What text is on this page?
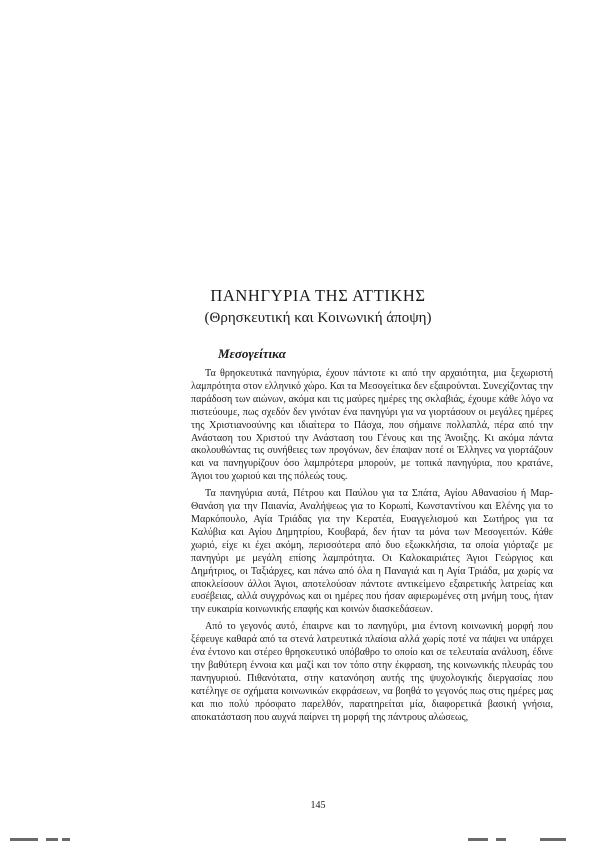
ΠΑΝΗΓΥΡΙΑ ΤΗΣ ΑΤΤΙΚΗΣ
(Θρησκευτική και Κοινωνική άποψη)
Μεσογείτικα

Τα θρησκευτικά πανηγύρια, έχουν πάντοτε κι από την αρχαιότητα, μια ξεχωριστή λαμπρότητα στον ελληνικό χώρο. Και τα Μεσογείτικα δεν εξαιρούνται. Συνεχίζοντας την παράδοση των αιώνων, ακόμα και τις μαύρες ημέρες της σκλαβιάς, έχουμε κάθε λόγο να πιστεύουμε, πως σχεδόν δεν γινόταν ένα πανηγύρι για να γιορτάσουν οι μεγάλες ημέρες της Χριστιανοσύνης και ιδιαίτερα το Πάσχα, που σήμαινε πολλαπλά, πέρα από την Ανάσταση του Χριστού την Ανάσταση του Γένους και της Άνοιξης. Κι ακόμα πάντα ακολουθώντας τις συνήθειες των προγόνων, δεν έπαψαν ποτέ οι Έλληνες να γιορτάζουν και να πανηγυρίζουν όσο λαμπρότερα μπορούν, με τοπικά πανηγύρια, που κρατάνε, Άγιοι του χωριού και της πόλεώς τους.

Τα πανηγύρια αυτά, Πέτρου και Παύλου για τα Σπάτα, Αγίου Αθανασίου ή Μαρ-Θανάση για την Παιανία, Αναλήψεως για το Κορωπί, Κωνσταντίνου και Ελένης για το Μαρκόπουλο, Αγία Τριάδας για την Κερατέα, Ευαγγελισμού και Σωτήρος για τα Καλύβια και Αγίου Δημητρίου, Κουβαρά, δεν ήταν τα μόνα των Μεσογειτών. Κάθε χωριό, είχε κι έχει ακόμη, περισσότερα από δυο εξωκκλήσια, τα οποία γιόρταζε με πανηγύρι με μεγάλη επίσης λαμπρότητα. Οι Καλοκαιριάτες Άγιοι Γεώργιος και Δημήτριος, οι Ταξιάρχες, και πάνω από όλα η Παναγιά και η Αγία Τριάδα, μα χωρίς να αποκλείσουν άλλοι Άγιοι, αποτελούσαν πάντοτε αντικείμενο εξαιρετικής λατρείας και ευσέβειας, αλλά συγχρόνως και οι ημέρες που ήσαν αφιερωμένες στη μνήμη τους, ήταν την ευκαιρία κοινωνικής επαφής και κοινών διασκεδάσεων.

Από το γεγονός αυτό, έπαιρνε και το πανηγύρι, μια έντονη κοινωνική μορφή που ξέφευγε καθαρά από τα στενά λατρευτικά πλαίσια αλλά χωρίς ποτέ να πάψει να υπάρχει ένα έντονο και στέρεο θρησκευτικό υπόβαθρο το οποίο και σε τελευταία ανάλυση, έδινε την βαθύτερη έννοια και μαζί και τον τόπο στην έκφραση, της κοινωνικής πλευράς του πανηγυριού. Πιθανότατα, στην κατανόηση αυτής της ψυχολογικής διεργασίας που κατέληγε σε σχήματα κοινωνικών εκφράσεων, να βοηθά το γεγονός πως στις ημέρες μας και πιο πολύ πρόσφατο παρελθόν, παρατηρείται μία, διαφορετικά βασική γνήσια, αποκατάσταση που αυχνά παίρνει τη μορφή της πάντρους αλώσεως,

145
